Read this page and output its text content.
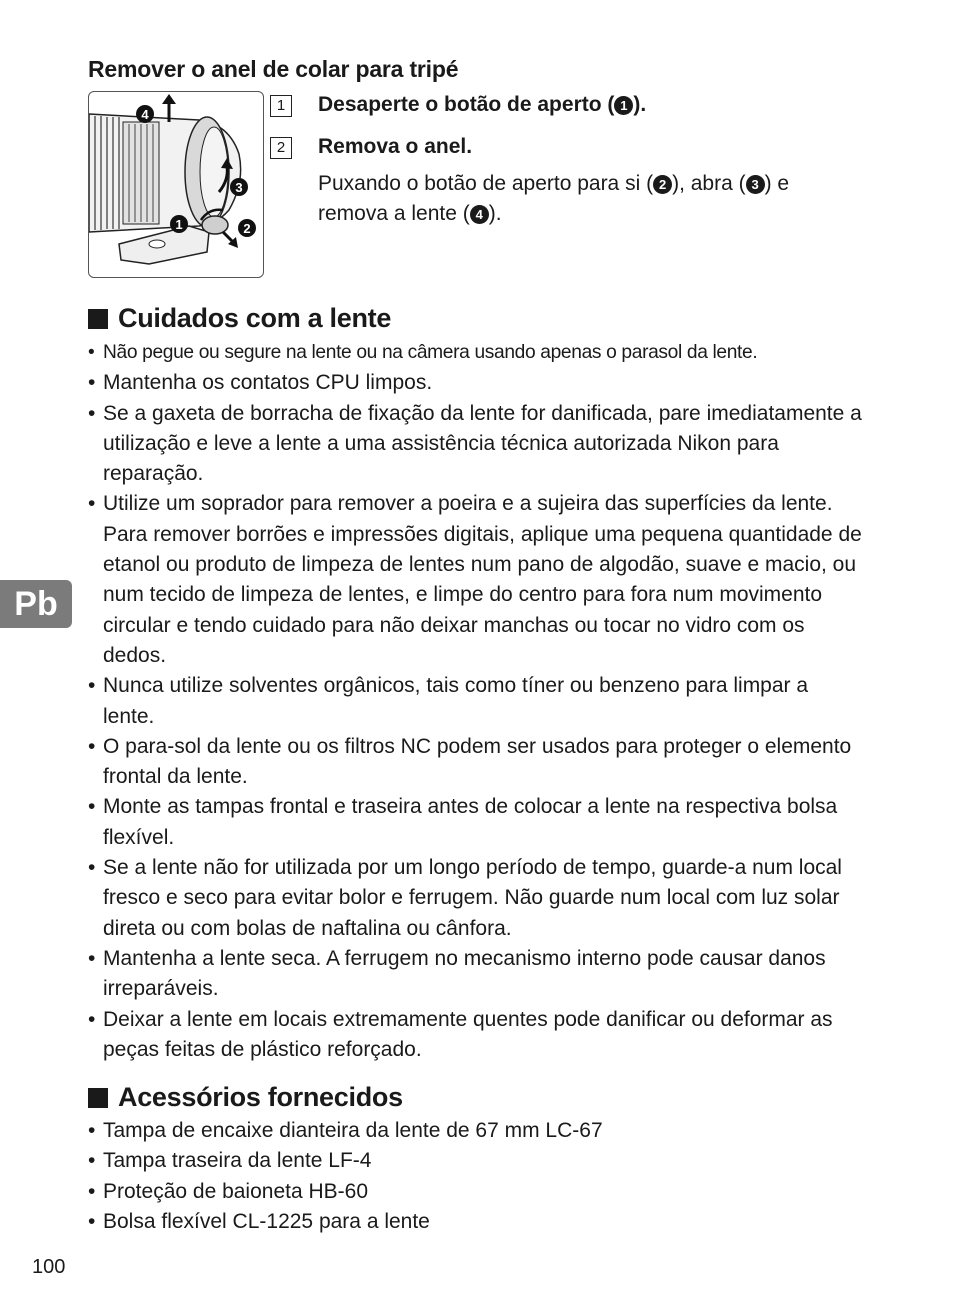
Remover o anel de colar para tripé
4
1	2
3
1	Desaperte o botão de aperto ( 1 ).
2	Remova o anel.
Puxando o botão de aperto para si ( 2 ), abra ( 3 ) e remova a lente ( 4 ).
Cuidados com a lente
• Não pegue ou segure na lente ou na câmera usando apenas o parasol da lente.
• Mantenha os contatos CPU limpos.
• Se a gaxeta de borracha de fixação da lente for danificada, pare imediatamente a utilização e leve a lente a uma assistência técnica autorizada Nikon para reparação.
• Utilize um soprador para remover a poeira e a sujeira das superfícies da lente. Para remover borrões e impressões digitais, aplique uma pequena quantidade de etanol ou produto de limpeza de lentes num pano de algodão, suave e macio, ou num tecido de limpeza de lentes, e limpe do centro para fora num movimento circular e tendo cuidado para não deixar manchas ou tocar no vidro com os dedos.
• Nunca utilize solventes orgânicos, tais como tíner ou benzeno para limpar a lente.
• O para-sol da lente ou os filtros NC podem ser usados para proteger o elemento frontal da lente.
• Monte as tampas frontal e traseira antes de colocar a lente na respectiva bolsa flexível.
• Se a lente não for utilizada por um longo período de tempo, guarde-a num local fresco e seco para evitar bolor e ferrugem. Não guarde num local com luz solar direta ou com bolas de naftalina ou cânfora.
• Mantenha a lente seca. A ferrugem no mecanismo interno pode causar danos irreparáveis.
• Deixar a lente em locais extremamente quentes pode danificar ou deformar as peças feitas de plástico reforçado.
Acessórios fornecidos
• Tampa de encaixe dianteira da lente de 67 mm LC-67
• Tampa traseira da lente LF-4
• Proteção de baioneta HB-60
• Bolsa flexível CL-1225 para a lente
Pb
100
